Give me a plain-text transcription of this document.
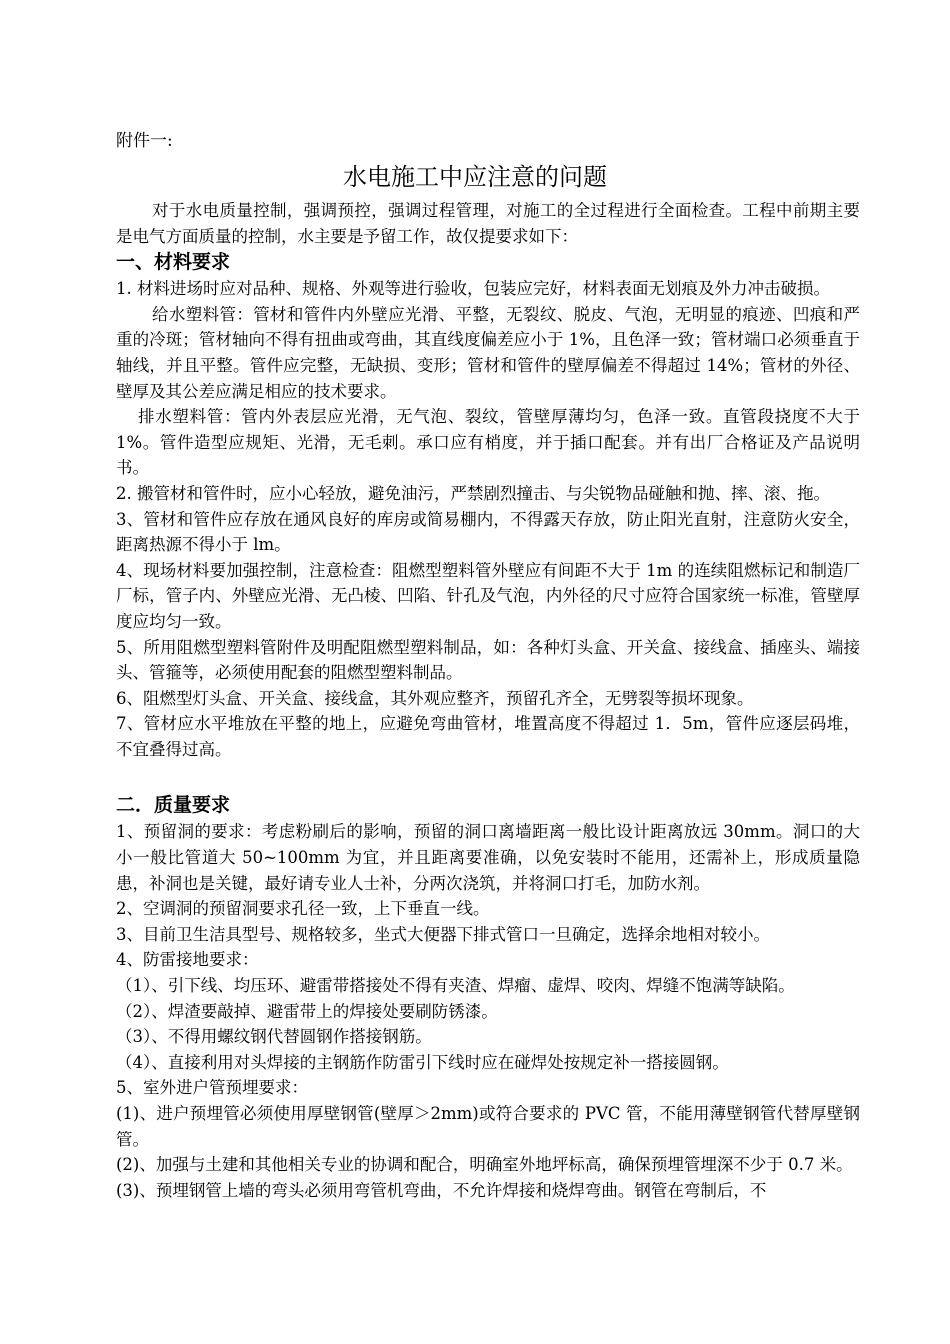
附件一:
水电施工中应注意的问题

对于水电质量控制，强调预控，强调过程管理，对施工的全过程进行全面检查。工程中前期主要是电气方面质量的控制，水主要是予留工作，故仅提要求如下：

一、材料要求

1. 材料进场时应对品种、规格、外观等进行验收，包装应完好，材料表面无划痕及外力冲击破损。

给水塑料管：管材和管件内外壁应光滑、平整，无裂纹、脱皮、气泡，无明显的痕迹、凹痕和严重的冷斑；管材轴向不得有扭曲或弯曲，其直线度偏差应小于 1%，且色泽一致；管材端口必须垂直于轴线，并且平整。管件应完整，无缺损、变形；管材和管件的壁厚偏差不得超过 14%；管材的外径、壁厚及其公差应满足相应的技术要求。

排水塑料管：管内外表层应光滑，无气泡、裂纹，管壁厚薄均匀，色泽一致。直管段挠度不大于 1%。管件造型应规矩、光滑，无毛刺。承口应有梢度，并于插口配套。并有出厂合格证及产品说明书。

2. 搬管材和管件时，应小心轻放，避免油污，严禁剧烈撞击、与尖锐物品碰触和抛、摔、滚、拖。

3、管材和管件应存放在通风良好的库房或简易棚内，不得露天存放，防止阳光直射，注意防火安全，距离热源不得小于 lm。

4、现场材料要加强控制，注意检查：阻燃型塑料管外壁应有间距不大于 1m 的连续阻燃标记和制造厂厂标，管子内、外壁应光滑、无凸棱、凹陷、针孔及气泡，内外径的尺寸应符合国家统一标准，管壁厚度应均匀一致。

5、所用阻燃型塑料管附件及明配阻燃型塑料制品，如：各种灯头盒、开关盒、接线盒、插座头、端接头、管箍等，必须使用配套的阻燃型塑料制品。

6、阻燃型灯头盒、开关盒、接线盒，其外观应整齐，预留孔齐全，无劈裂等损坏现象。

7、管材应水平堆放在平整的地上，应避免弯曲管材，堆置高度不得超过 1．5m，管件应逐层码堆，不宜叠得过高。

二．质量要求

1、预留洞的要求：考虑粉刷后的影响，预留的洞口离墙距离一般比设计距离放远 30mm。洞口的大小一般比管道大 50~100mm 为宜，并且距离要准确，以免安装时不能用，还需补上，形成质量隐患，补洞也是关键，最好请专业人士补，分两次浇筑，并将洞口打毛，加防水剂。

2、空调洞的预留洞要求孔径一致，上下垂直一线。

3、目前卫生洁具型号、规格较多，坐式大便器下排式管口一旦确定，选择余地相对较小。

4、防雷接地要求：

（1）、引下线、均压环、避雷带搭接处不得有夹渣、焊瘤、虚焊、咬肉、焊缝不饱满等缺陷。

（2）、焊渣要敲掉、避雷带上的焊接处要刷防锈漆。

（3）、不得用螺纹钢代替圆钢作搭接钢筋。

（4）、直接利用对头焊接的主钢筋作防雷引下线时应在碰焊处按规定补一搭接圆钢。

5、室外进户管预埋要求：

(1)、进户预埋管必须使用厚壁钢管(壁厚＞2mm)或符合要求的 PVC 管，不能用薄壁钢管代替厚壁钢管。

(2)、加强与土建和其他相关专业的协调和配合，明确室外地坪标高，确保预埋管埋深不少于 0.7 米。

(3)、预埋钢管上墙的弯头必须用弯管机弯曲，不允许焊接和烧焊弯曲。钢管在弯制后，不
